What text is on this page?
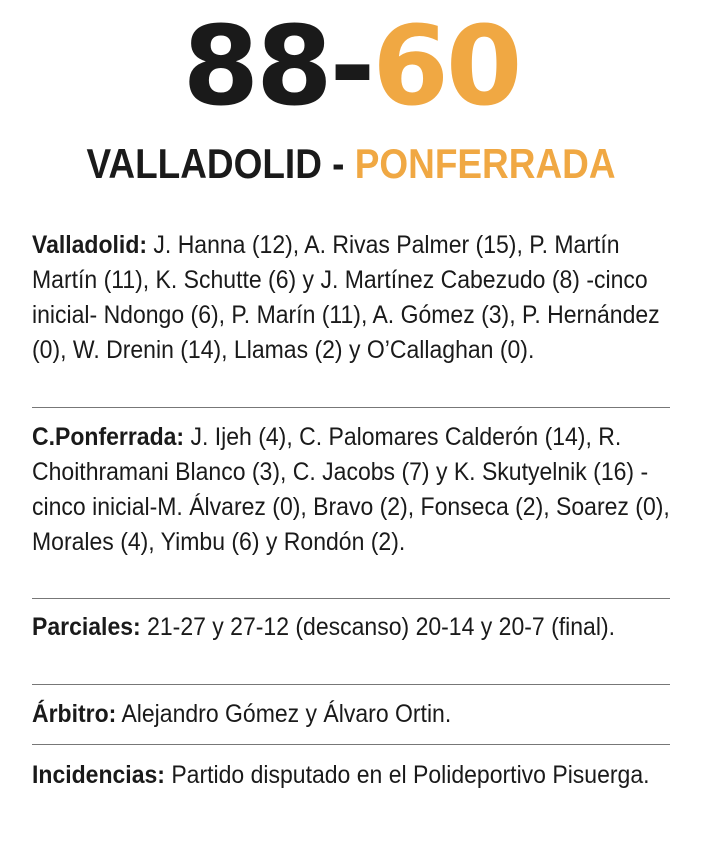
88-60
VALLADOLID - PONFERRADA
Valladolid: J. Hanna (12), A. Rivas Palmer (15), P. Martín Martín (11), K. Schutte (6) y J. Martínez Cabezudo (8) -cinco inicial- Ndongo (6), P. Marín (11), A. Gómez (3), P. Hernández (0), W. Drenin (14), Llamas (2) y O’Callaghan (0).
C.Ponferrada: J. Ijeh (4), C. Palomares Calderón (14), R. Choithramani Blanco (3), C. Jacobs (7) y K. Skutyelnik (16) -cinco inicial-M. Álvarez (0), Bravo (2), Fonseca (2), Soarez (0), Morales (4), Yimbu (6) y Rondón (2).
Parciales: 21-27 y 27-12 (descanso) 20-14 y 20-7 (final).
Árbitro: Alejandro Gómez y Álvaro Ortin.
Incidencias: Partido disputado en el Polideportivo Pisuerga.
